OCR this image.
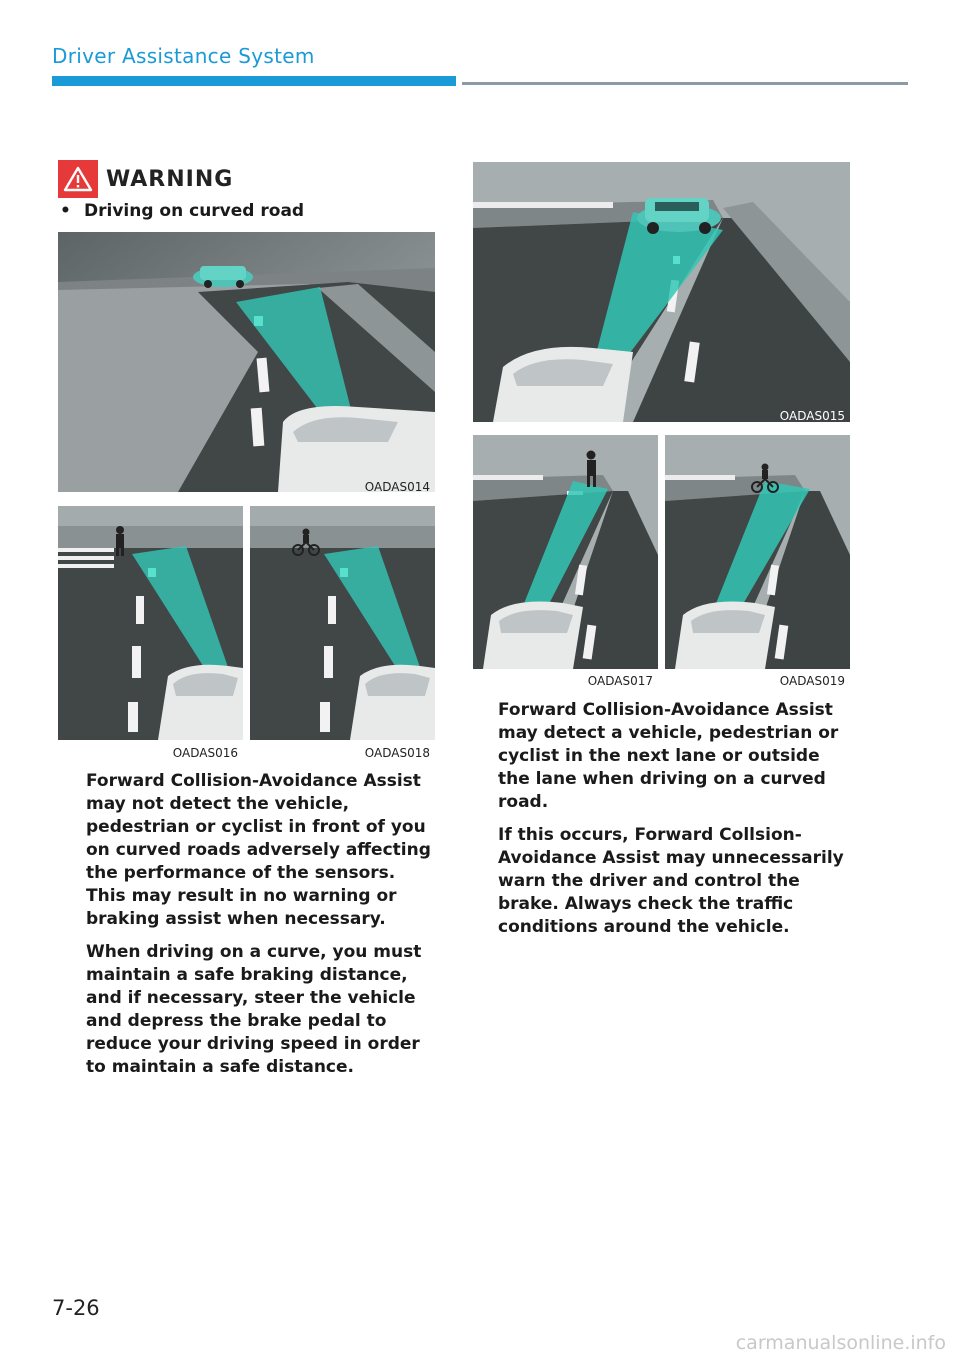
Driver Assistance System
WARNING
• Driving on curved road
OADAS014
OADAS016	OADAS018
OADAS015
OADAS017	OADAS019

Forward Collision-Avoidance Assist may not detect the vehicle, pedestrian or cyclist in front of you on curved roads adversely affecting the performance of the sensors. This may result in no warning or braking assist when necessary.

When driving on a curve, you must maintain a safe braking distance, and if necessary, steer the vehicle and depress the brake pedal to reduce your driving speed in order to maintain a safe distance.

Forward Collision-Avoidance Assist may detect a vehicle, pedestrian or cyclist in the next lane or outside the lane when driving on a curved road.

If this occurs, Forward Collsion-Avoidance Assist may unnecessarily warn the driver and control the brake. Always check the traffic conditions around the vehicle.

7-26
carmanualsonline.info
